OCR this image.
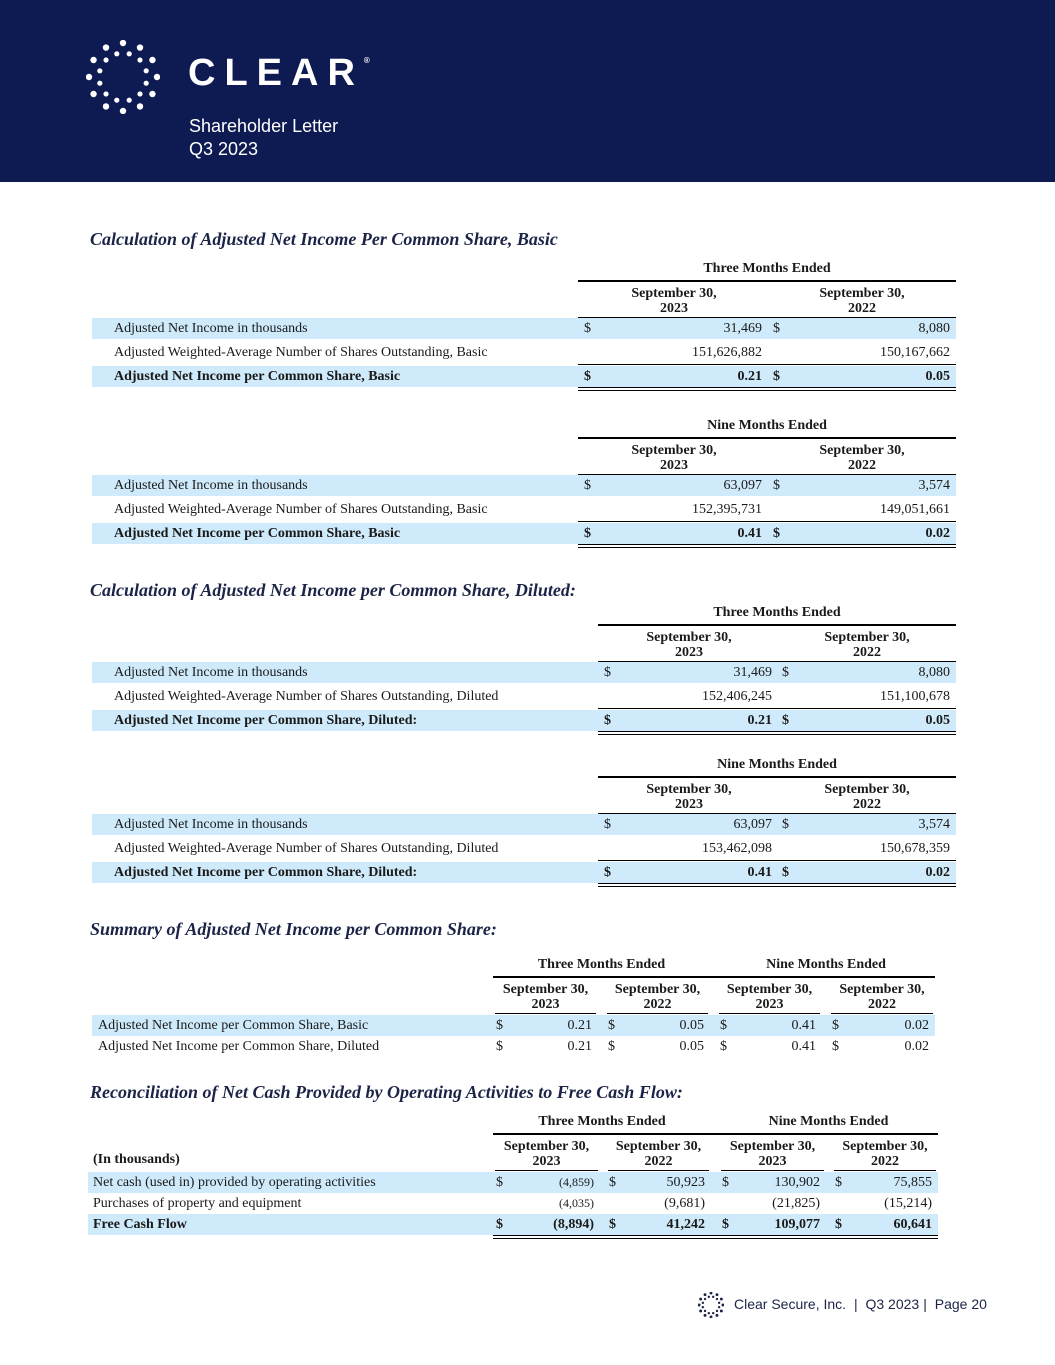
CLEAR®
Shareholder Letter
Q3 2023
Calculation of Adjusted Net Income Per Common Share, Basic
Three Months Ended
September 30,
2023
September 30,
2022
Adjusted Net Income in thousands	$	31,469 $	8,080
Adjusted Weighted-Average Number of Shares Outstanding, Basic	151,626,882	150,167,662
Adjusted Net Income per Common Share, Basic	$	0.21 $	0.05
Nine Months Ended
September 30,
2023
September 30,
2022
Adjusted Net Income in thousands	$	63,097 $	3,574
Adjusted Weighted-Average Number of Shares Outstanding, Basic	152,395,731	149,051,661
Adjusted Net Income per Common Share, Basic	$	0.41 $	0.02
Calculation of Adjusted Net Income per Common Share, Diluted:
Three Months Ended
September 30,
2023
September 30,
2022
Adjusted Net Income in thousands	$	31,469 $	8,080
Adjusted Weighted-Average Number of Shares Outstanding, Diluted	152,406,245	151,100,678
Adjusted Net Income per Common Share, Diluted:	$	0.21 $	0.05
Nine Months Ended
September 30,
2023
September 30,
2022
Adjusted Net Income in thousands	$	63,097 $	3,574
Adjusted Weighted-Average Number of Shares Outstanding, Diluted	153,462,098	150,678,359
Adjusted Net Income per Common Share, Diluted:	$	0.41 $	0.02
Summary of Adjusted Net Income per Common Share:
Three Months Ended	Nine Months Ended
September 30,
2023
September 30,
2022
September 30,
2023
September 30,
2022
Adjusted Net Income per Common Share, Basic	$	0.21 $	0.05 $	0.41 $	0.02
Adjusted Net Income per Common Share, Diluted	$	0.21 $	0.05 $	0.41 $	0.02
Reconciliation of Net Cash Provided by Operating Activities to Free Cash Flow:
Three Months Ended	Nine Months Ended
September 30,
2023
September 30,
2022
September 30,
2023
September 30,
2022
(In thousands)
Net cash (used in) provided by operating activities	$	(4,859) $	50,923 $	130,902 $	75,855
Purchases of property and equipment	(4,035)	(9,681)	(21,825)	(15,214)
Free Cash Flow	$	(8,894) $	41,242 $	109,077 $	60,641
Clear Secure, Inc. | Q3 2023 | Page 20
